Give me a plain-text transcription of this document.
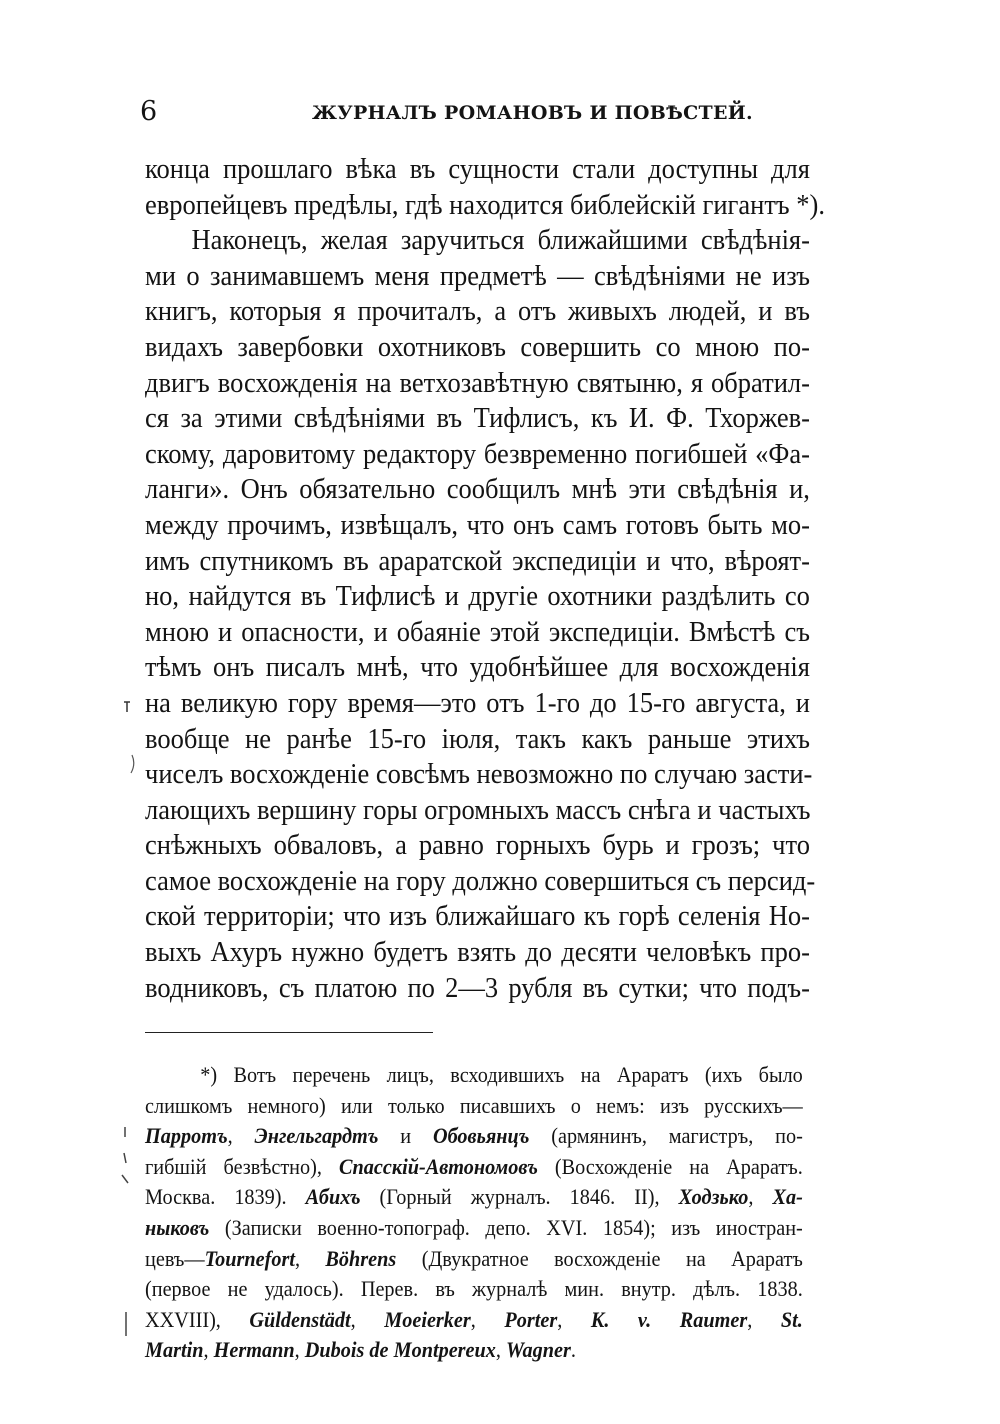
6	ЖУРНАЛЪ РОМАНОВЪ И ПОВѢСТЕЙ.
конца прошлаго вѣка въ сущности стали доступны для
европейцевъ предѣлы, гдѣ находится библейскій гигантъ *).
Наконецъ, желая заручиться ближайшими свѣдѣнія-
ми о занимавшемъ меня предметѣ — свѣдѣніями не изъ
книгъ, которыя я прочиталъ, а отъ живыхъ людей, и въ
видахъ завербовки охотниковъ совершить со мною по-
двигъ восхожденія на ветхозавѣтную святыню, я обратил-
ся за этими свѣдѣніями въ Тифлисъ, къ И. Ф. Тхоржев-
скому, даровитому редактору безвременно погибшей «Фа-
ланги». Онъ обязательно сообщилъ мнѣ эти свѣдѣнія и,
между прочимъ, извѣщалъ, что онъ самъ готовъ быть мо-
имъ спутникомъ въ араратской экспедиціи и что, вѣроят-
но, найдутся въ Тифлисѣ и другіе охотники раздѣлить со
мною и опасности, и обаяніе этой экспедиціи. Вмѣстѣ съ
тѣмъ онъ писалъ мнѣ, что удобнѣйшее для восхожденія
на великую гору время—это отъ 1-го до 15-го августа, и
вообще не ранѣе 15-го іюля, такъ какъ раньше этихъ
чиселъ восхожденіе совсѣмъ невозможно по случаю засти-
лающихъ вершину горы огромныхъ массъ снѣга и частыхъ
снѣжныхъ обваловъ, а равно горныхъ бурь и грозъ; что
самое восхожденіе на гору должно совершиться съ персид-
ской территоріи; что изъ ближайшаго къ горѣ селенія Но-
выхъ Ахуръ нужно будетъ взять до десяти человѣкъ про-
водниковъ, съ платою по 2—3 рубля въ сутки; что подъ-
*) Вотъ перечень лицъ, всходившихъ на Араратъ (ихъ было
слишкомъ немного) или только писавшихъ о немъ: изъ русскихъ—
Парротъ, Энгельгардтъ и Обовьянцъ (армянинъ, магистръ, по-
гибшій безвѣстно), Спасскій-Автономовъ (Восхожденіе на Араратъ.
Москва. 1839). Абихъ (Горный журналъ. 1846. II), Ходзько, Ха-
ныковъ (Записки военно-топограф. депо. XVI. 1854); изъ иностран-
цевъ—Tournefort, Böhrens (Двукратное восхожденіе на Араратъ
(первое не удалось). Перев. въ журналѣ мин. внутр. дѣлъ. 1838.
XXVIII), Güldenstädt, Moeierker, Porter, K. v. Raumer, St.
Martin, Hermann, Dubois de Montpereux, Wagner.
